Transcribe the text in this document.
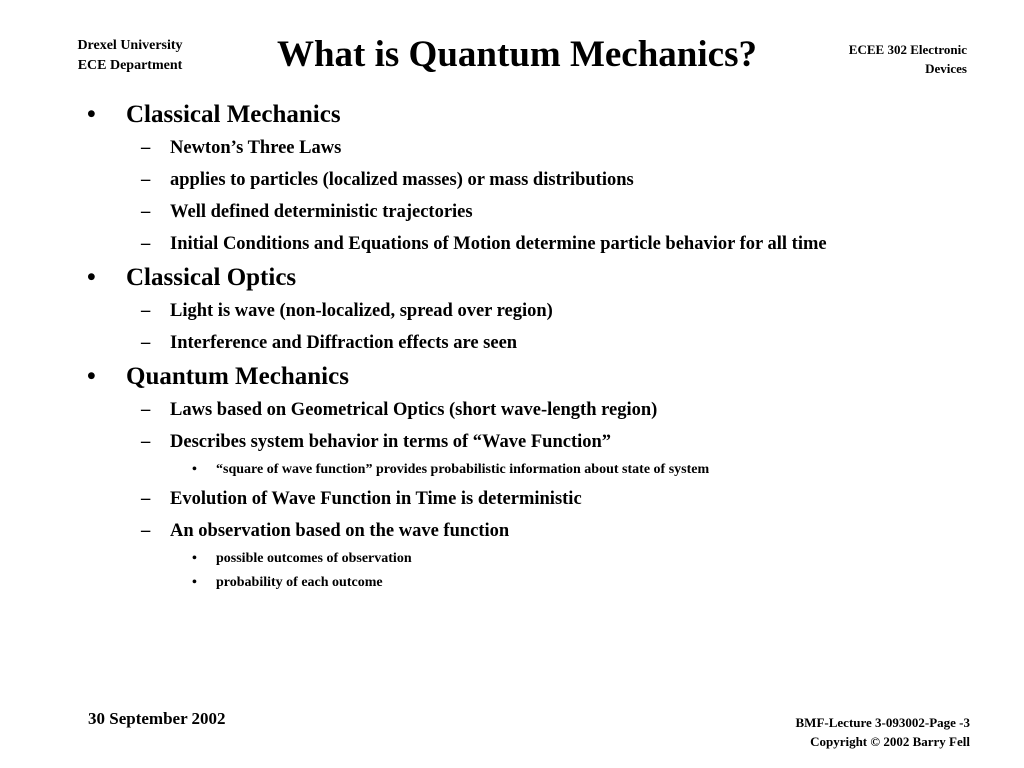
Drexel University
ECE Department	What is Quantum Mechanics?	ECEE 302 Electronic
Devices
• Classical Mechanics
– Newton’s Three Laws
– applies to particles (localized masses) or mass distributions
– Well defined deterministic trajectories
– Initial Conditions and Equations of Motion determine particle behavior for all time
• Classical Optics
– Light is wave (non-localized, spread over region)
– Interference and Diffraction effects are seen
• Quantum Mechanics
– Laws based on Geometrical Optics (short wave-length region)
– Describes system behavior in terms of “Wave Function”
• “square of wave function” provides probabilistic information about state of system
– Evolution of Wave Function in Time is deterministic
– An observation based on the wave function
• possible outcomes of observation
• probability of each outcome
30 September 2002	BMF-Lecture 3-093002-Page -3
Copyright © 2002 Barry Fell
